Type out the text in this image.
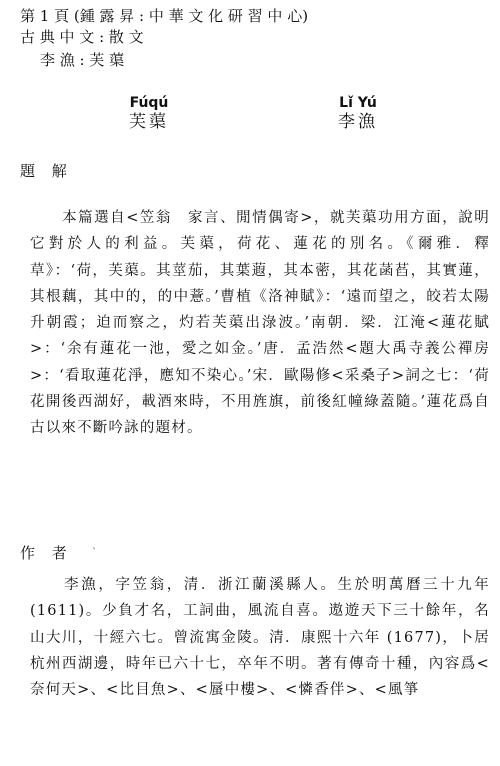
第 1 頁 (鍾 露 昇 : 中 華 文 化 研 習 中 心)
古 典 中 文 : 散 文
李 漁 : 芙 蕖
Fúqú
芙蕖
Lǐ Yú
李漁
題 解
　　本篇選自<笠翁　家言、閒情偶寄>，就芙蕖功用方面，說明它對於人的利益。芙蕖，荷花、蓮花的別名。《爾雅．釋草》：‘荷，芙蕖。其莖茄，其葉蕸，其本蔤，其花菡萏，其實蓮，其根藕，其中的，的中薏。’曹植《洛神賦》：‘遠而望之，皎若太陽升朝霞；迫而察之，灼若芙蕖出淥波。’南朝．梁．江淹<蓮花賦>：‘余有蓮花一池，愛之如金。’唐．孟浩然<題大禹寺義公禪房>：‘看取蓮花淨，應知不染心。’宋．歐陽修<采桑子>詞之七：‘荷花開後西湖好，載酒來時，不用旌旗，前後紅幢綠蓋隨。’蓮花爲自古以來不斷吟詠的題材。
作 者 ˋ
　　李漁，字笠翁，清．浙江蘭溪縣人。生於明萬曆三十九年 (1611)。少負才名，工詞曲，風流自喜。遨遊天下三十餘年，名山大川，十經六七。曾流寓金陵。清．康熙十六年 (1677)，卜居杭州西湖邊，時年已六十七，卒年不明。著有傳奇十種，內容爲<奈何天>、<比目魚>、<蜃中樓>、<憐香伴>、<風箏
